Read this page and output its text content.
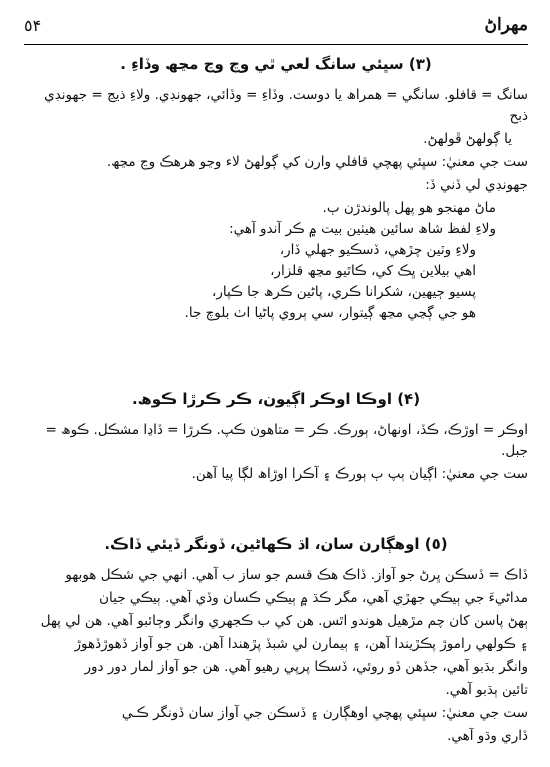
٥۴	مهراڻ
(٣) سڀئي سانگ لعي ٿي وڃ وڃ مڃھ وڏاءِ .

سانگ = قافلو. سانگي = همراھ يا دوست. وڏاءِ = وڏائي، جهونڊي. ولاءِ ذيڃ = جهونڊي ذبح

يا ڳولهڻ ڦولهڻ.

ست جي معنيٰ: سڀئي پهچي قافلي وارن کي ڳولهڻ لاء وڃو هرهڪ وڃ مڃھ.

جهونڊي لي ڏني ڏ:

ماڻ مهنجو هو پهل پالوندڙن ٻ.

ولاءِ لفظ شاھ سائين هيٺين بيت ۾ ڪر آندو آهي:

ولاءِ وٽين چڙهي، ڏسڪيو جهلي ڏار،

اهي بيلاين ڀڪ کي، ڪاٿيو مڃھ قلزار،

پسيو ڄيھين، شکرانا ڪري، پاڻين ڪرھ جا ڪپار،

هو جي ڳڃي مڃھ ڳيتوار، سي ٻروي پاڻيا اٺ بلوچ جا.

(۴) اوڪا اوڪر اڳيون، ڪر ڪرڙا ڪوھ.

اوڪر = اوڙڪ، ڪڏ، اونهاڻ، ٻورڪ. ڪر = متاهون ڪپ. ڪرڙا = ڏاڍا مشڪل. ڪوھ = جبل.

ست جي معنيٰ: اڳيان ٻپ ٻ ٻورڪ ۽ آڪرا اوڙاھ لڳا پيا آهن.

(٥) اوهڳارن سان، اڌ ڪهاڻين، ڏونگر ڏيئي ڏاڪ.

ڏاڪ = ڏسڪن ڀرڻ جو آواز. ڏاڪ هڪ قسم جو ساز ب آهي. انهي جي شڪل هوبهو

مداڻيءَ جي ٻيڪي جهڙي آهي، مگر ڪڌ ۾ ٻيڪي ڪسان وڏي آهي. ٻيڪي جيان

ٻهڻ پاسن کان چم مڙهيل هوندو اٿس. هن کي ب ڪجهري وانگر وڄائبو آهي. هن لي پهل

۽ ڪولهي راموڙ پڪڙيندا آهن، ۽ ٻيمارن لي شبڏ پڙهندا آهن. هن جو آواز ڏهوڙڏهوڙ

وانگر بڌبو آهي، جڏهن ڏو روئي، ڏسڪا پرپي رهيو آهي. هن جو آواز لمار دور دور

تائين ٻڌبو آهي.

ست جي معنيٰ: سڀئي پهچي اوهڳارن ۽ ڏسڪن جي آواز سان ڏونگر ڪـي

ڏاري وڌو آهي.
